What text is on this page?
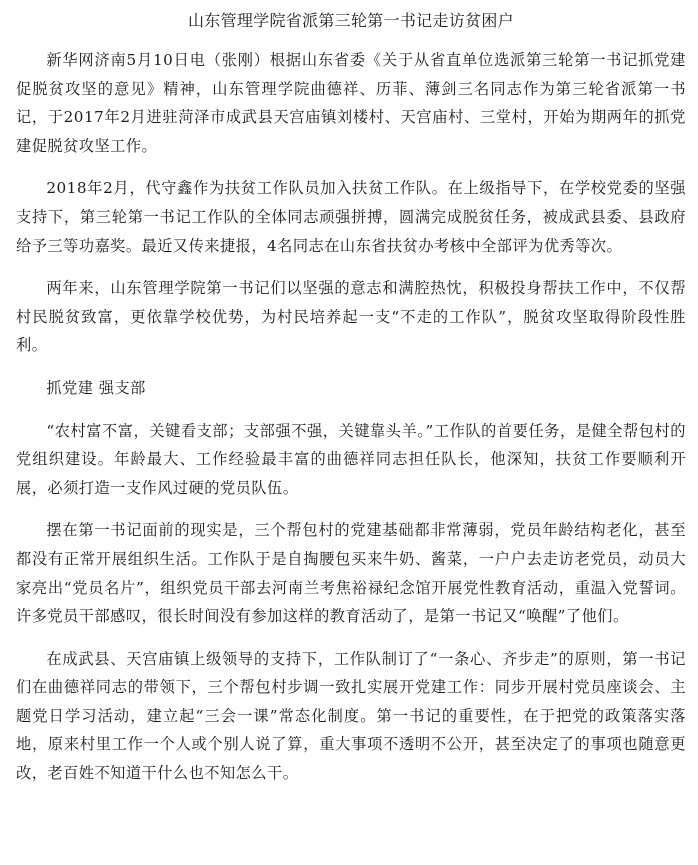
山东管理学院省派第三轮第一书记走访贫困户

新华网济南5月10日电（张刚）根据山东省委《关于从省直单位选派第三轮第一书记抓党建促脱贫攻坚的意见》精神，山东管理学院曲德祥、历菲、薄剑三名同志作为第三轮省派第一书记，于2017年2月进驻菏泽市成武县天宫庙镇刘楼村、天宫庙村、三堂村，开始为期两年的抓党建促脱贫攻坚工作。

2018年2月，代守鑫作为扶贫工作队员加入扶贫工作队。在上级指导下，在学校党委的坚强支持下，第三轮第一书记工作队的全体同志顽强拼搏，圆满完成脱贫任务，被成武县委、县政府给予三等功嘉奖。最近又传来捷报，4名同志在山东省扶贫办考核中全部评为优秀等次。

两年来，山东管理学院第一书记们以坚强的意志和满腔热忱，积极投身帮扶工作中，不仅帮村民脱贫致富，更依靠学校优势，为村民培养起一支“不走的工作队”，脱贫攻坚取得阶段性胜利。

抓党建 强支部

“农村富不富，关键看支部；支部强不强，关键靠头羊。”工作队的首要任务，是健全帮包村的党组织建设。年龄最大、工作经验最丰富的曲德祥同志担任队长，他深知，扶贫工作要顺利开展，必须打造一支作风过硬的党员队伍。

摆在第一书记面前的现实是，三个帮包村的党建基础都非常薄弱，党员年龄结构老化，甚至都没有正常开展组织生活。工作队于是自掏腰包买来牛奶、酱菜，一户户去走访老党员，动员大家亮出“党员名片”，组织党员干部去河南兰考焦裕禄纪念馆开展党性教育活动，重温入党誓词。许多党员干部感叹，很长时间没有参加这样的教育活动了，是第一书记又“唤醒”了他们。

在成武县、天宫庙镇上级领导的支持下，工作队制订了“一条心、齐步走”的原则，第一书记们在曲德祥同志的带领下，三个帮包村步调一致扎实展开党建工作：同步开展村党员座谈会、主题党日学习活动，建立起“三会一课”常态化制度。第一书记的重要性，在于把党的政策落实落地，原来村里工作一个人或个别人说了算，重大事项不透明不公开，甚至决定了的事项也随意更改，老百姓不知道干什么也不知怎么干。
